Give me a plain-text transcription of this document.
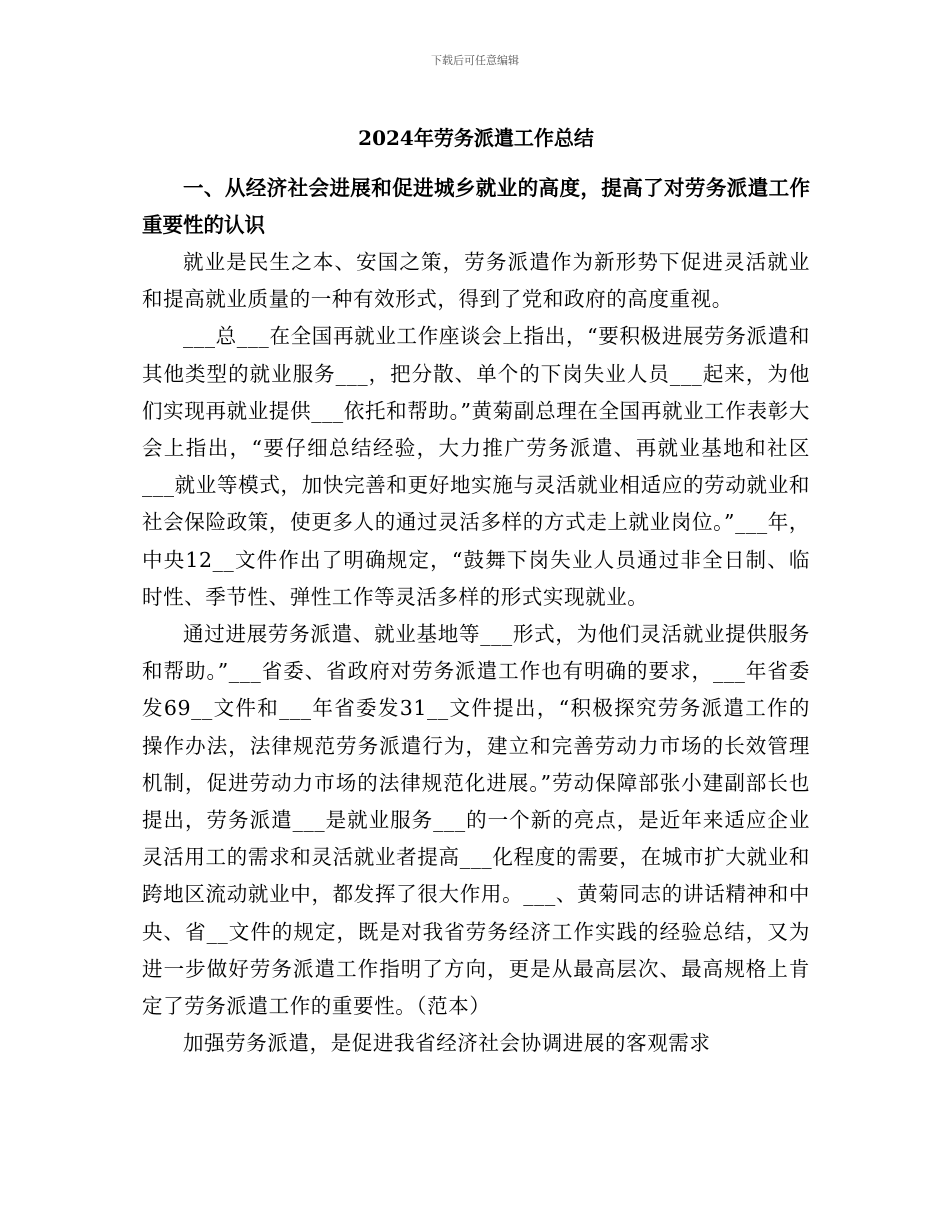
下载后可任意编辑
2024年劳务派遣工作总结

一、从经济社会进展和促进城乡就业的高度，提高了对劳务派遣工作重要性的认识

就业是民生之本、安国之策，劳务派遣作为新形势下促进灵活就业和提高就业质量的一种有效形式，得到了党和政府的高度重视。

___总___在全国再就业工作座谈会上指出，“要积极进展劳务派遣和其他类型的就业服务___，把分散、单个的下岗失业人员___起来，为他们实现再就业提供___依托和帮助。”黄菊副总理在全国再就业工作表彰大会上指出，“要仔细总结经验，大力推广劳务派遣、再就业基地和社区___就业等模式，加快完善和更好地实施与灵活就业相适应的劳动就业和社会保险政策，使更多人的通过灵活多样的方式走上就业岗位。”___年，中央12__文件作出了明确规定，“鼓舞下岗失业人员通过非全日制、临时性、季节性、弹性工作等灵活多样的形式实现就业。

通过进展劳务派遣、就业基地等___形式，为他们灵活就业提供服务和帮助。”___省委、省政府对劳务派遣工作也有明确的要求，___年省委发69__文件和___年省委发31__文件提出，“积极探究劳务派遣工作的操作办法，法律规范劳务派遣行为，建立和完善劳动力市场的长效管理机制，促进劳动力市场的法律规范化进展。”劳动保障部张小建副部长也提出，劳务派遣___是就业服务___的一个新的亮点，是近年来适应企业灵活用工的需求和灵活就业者提高___化程度的需要，在城市扩大就业和跨地区流动就业中，都发挥了很大作用。___、黄菊同志的讲话精神和中央、省__文件的规定，既是对我省劳务经济工作实践的经验总结，又为进一步做好劳务派遣工作指明了方向，更是从最高层次、最高规格上肯定了劳务派遣工作的重要性。（范本）

加强劳务派遣，是促进我省经济社会协调进展的客观需求
